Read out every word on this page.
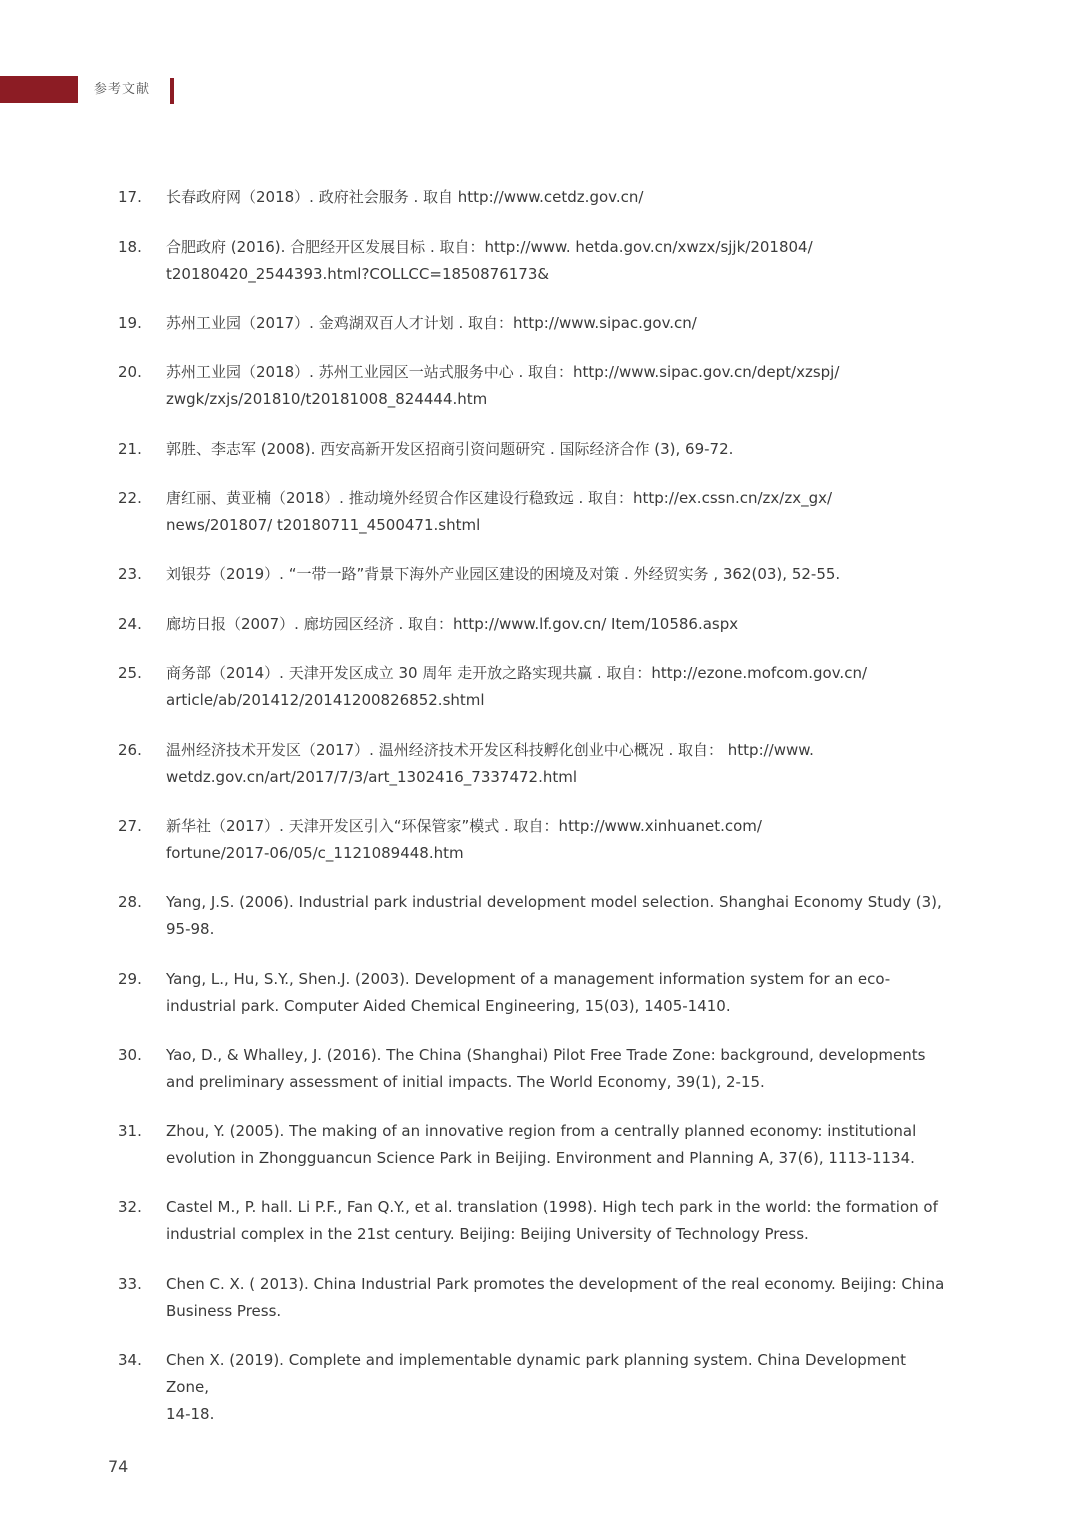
参考文献
17.	长春政府网（2018）. 政府社会服务 . 取自 http://www.cetdz.gov.cn/
18.	合肥政府 (2016). 合肥经开区发展目标 . 取自：http://www. hetda.gov.cn/xwzx/sjjk/201804/
t20180420_2544393.html?COLLCC=1850876173&
19.	苏州工业园（2017）. 金鸡湖双百人才计划 . 取自：http://www.sipac.gov.cn/
20.	苏州工业园（2018）. 苏州工业园区一站式服务中心 . 取自：http://www.sipac.gov.cn/dept/xzspj/
zwgk/zxjs/201810/t20181008_824444.htm
21.	郭胜、李志军 (2008). 西安高新开发区招商引资问题研究 . 国际经济合作 (3), 69-72.
22.	唐红丽、黄亚楠（2018）. 推动境外经贸合作区建设行稳致远 . 取自：http://ex.cssn.cn/zx/zx_gx/
news/201807/ t20180711_4500471.shtml
23.	刘银芬（2019）. “一带一路”背景下海外产业园区建设的困境及对策 . 外经贸实务 , 362(03), 52-55.
24.	廊坊日报（2007）. 廊坊园区经济 . 取自：http://www.lf.gov.cn/ Item/10586.aspx
25.	商务部（2014）. 天津开发区成立 30 周年 走开放之路实现共赢 . 取自：http://ezone.mofcom.gov.cn/
article/ab/201412/20141200826852.shtml
26.	温州经济技术开发区（2017）. 温州经济技术开发区科技孵化创业中心概况 . 取自： http://www.
wetdz.gov.cn/art/2017/7/3/art_1302416_7337472.html
27.	新华社（2017）. 天津开发区引入“环保管家”模式 . 取自：http://www.xinhuanet.com/
fortune/2017-06/05/c_1121089448.htm
28.	Yang, J.S. (2006). Industrial park industrial development model selection. Shanghai Economy Study (3),
95-98.
29.	Yang, L., Hu, S.Y., Shen.J. (2003). Development of a management information system for an eco-
industrial park. Computer Aided Chemical Engineering, 15(03), 1405-1410.
30.	Yao, D., & Whalley, J. (2016). The China (Shanghai) Pilot Free Trade Zone: background, developments
and preliminary assessment of initial impacts. The World Economy, 39(1), 2-15.
31.	Zhou, Y. (2005). The making of an innovative region from a centrally planned economy: institutional
evolution in Zhongguancun Science Park in Beijing. Environment and Planning A, 37(6), 1113-1134.
32.	Castel M., P. hall. Li P.F., Fan Q.Y., et al. translation (1998). High tech park in the world: the formation of
industrial complex in the 21st century. Beijing: Beijing University of Technology Press.
33.	Chen C. X. ( 2013). China Industrial Park promotes the development of the real economy. Beijing: China
Business Press.
34.	Chen X. (2019). Complete and implementable dynamic park planning system. China Development Zone,
14-18.
74
